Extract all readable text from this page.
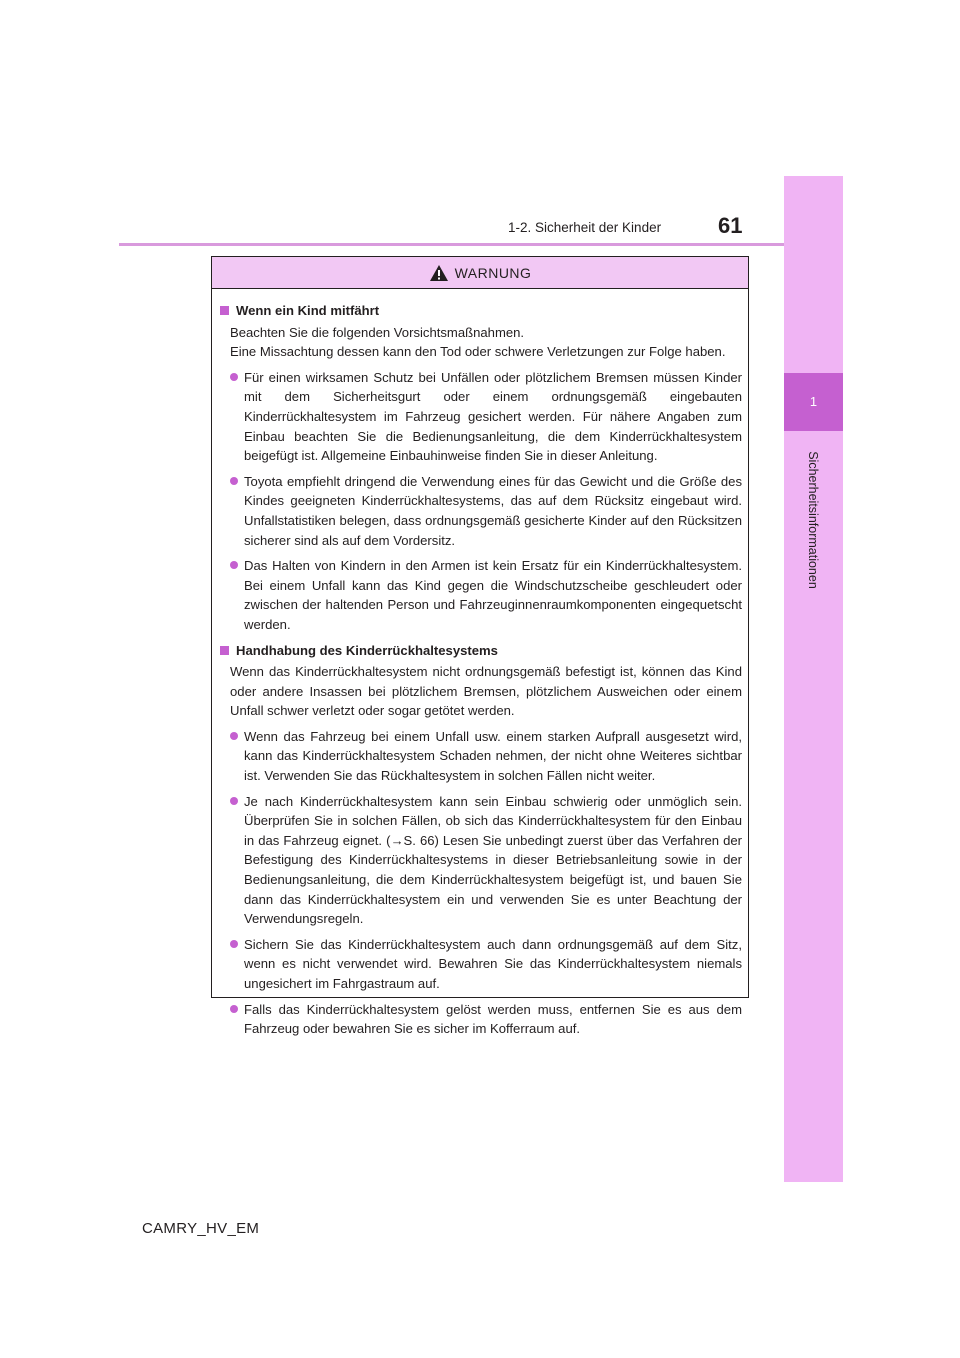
1
Sicherheitsinformationen
1-2. Sicherheit der Kinder	61
WARNUNG
Wenn ein Kind mitfährt
Beachten Sie die folgenden Vorsichtsmaßnahmen.
Eine Missachtung dessen kann den Tod oder schwere Verletzungen zur Folge haben.
Für einen wirksamen Schutz bei Unfällen oder plötzlichem Bremsen müssen Kinder mit dem Sicherheitsgurt oder einem ordnungsgemäß eingebauten Kinderrückhaltesystem im Fahrzeug gesichert werden. Für nähere Angaben zum Einbau beachten Sie die Bedienungsanleitung, die dem Kinderrückhaltesystem beigefügt ist. Allgemeine Einbauhinweise finden Sie in dieser Anleitung.
Toyota empfiehlt dringend die Verwendung eines für das Gewicht und die Größe des Kindes geeigneten Kinderrückhaltesystems, das auf dem Rücksitz eingebaut wird. Unfallstatistiken belegen, dass ordnungsgemäß gesicherte Kinder auf den Rücksitzen sicherer sind als auf dem Vordersitz.
Das Halten von Kindern in den Armen ist kein Ersatz für ein Kinderrückhaltesystem. Bei einem Unfall kann das Kind gegen die Windschutzscheibe geschleudert oder zwischen der haltenden Person und Fahrzeuginnenraumkomponenten eingequetscht werden.
Handhabung des Kinderrückhaltesystems
Wenn das Kinderrückhaltesystem nicht ordnungsgemäß befestigt ist, können das Kind oder andere Insassen bei plötzlichem Bremsen, plötzlichem Ausweichen oder einem Unfall schwer verletzt oder sogar getötet werden.
Wenn das Fahrzeug bei einem Unfall usw. einem starken Aufprall ausgesetzt wird, kann das Kinderrückhaltesystem Schaden nehmen, der nicht ohne Weiteres sichtbar ist. Verwenden Sie das Rückhaltesystem in solchen Fällen nicht weiter.
Je nach Kinderrückhaltesystem kann sein Einbau schwierig oder unmöglich sein. Überprüfen Sie in solchen Fällen, ob sich das Kinderrückhaltesystem für den Einbau in das Fahrzeug eignet. (→S. 66) Lesen Sie unbedingt zuerst über das Verfahren der Befestigung des Kinderrückhaltesystems in dieser Betriebsanleitung sowie in der Bedienungsanleitung, die dem Kinderrückhaltesystem beigefügt ist, und bauen Sie dann das Kinderrückhaltesystem ein und verwenden Sie es unter Beachtung der Verwendungsregeln.
Sichern Sie das Kinderrückhaltesystem auch dann ordnungsgemäß auf dem Sitz, wenn es nicht verwendet wird. Bewahren Sie das Kinderrückhaltesystem niemals ungesichert im Fahrgastraum auf.
Falls das Kinderrückhaltesystem gelöst werden muss, entfernen Sie es aus dem Fahrzeug oder bewahren Sie es sicher im Kofferraum auf.
CAMRY_HV_EM
